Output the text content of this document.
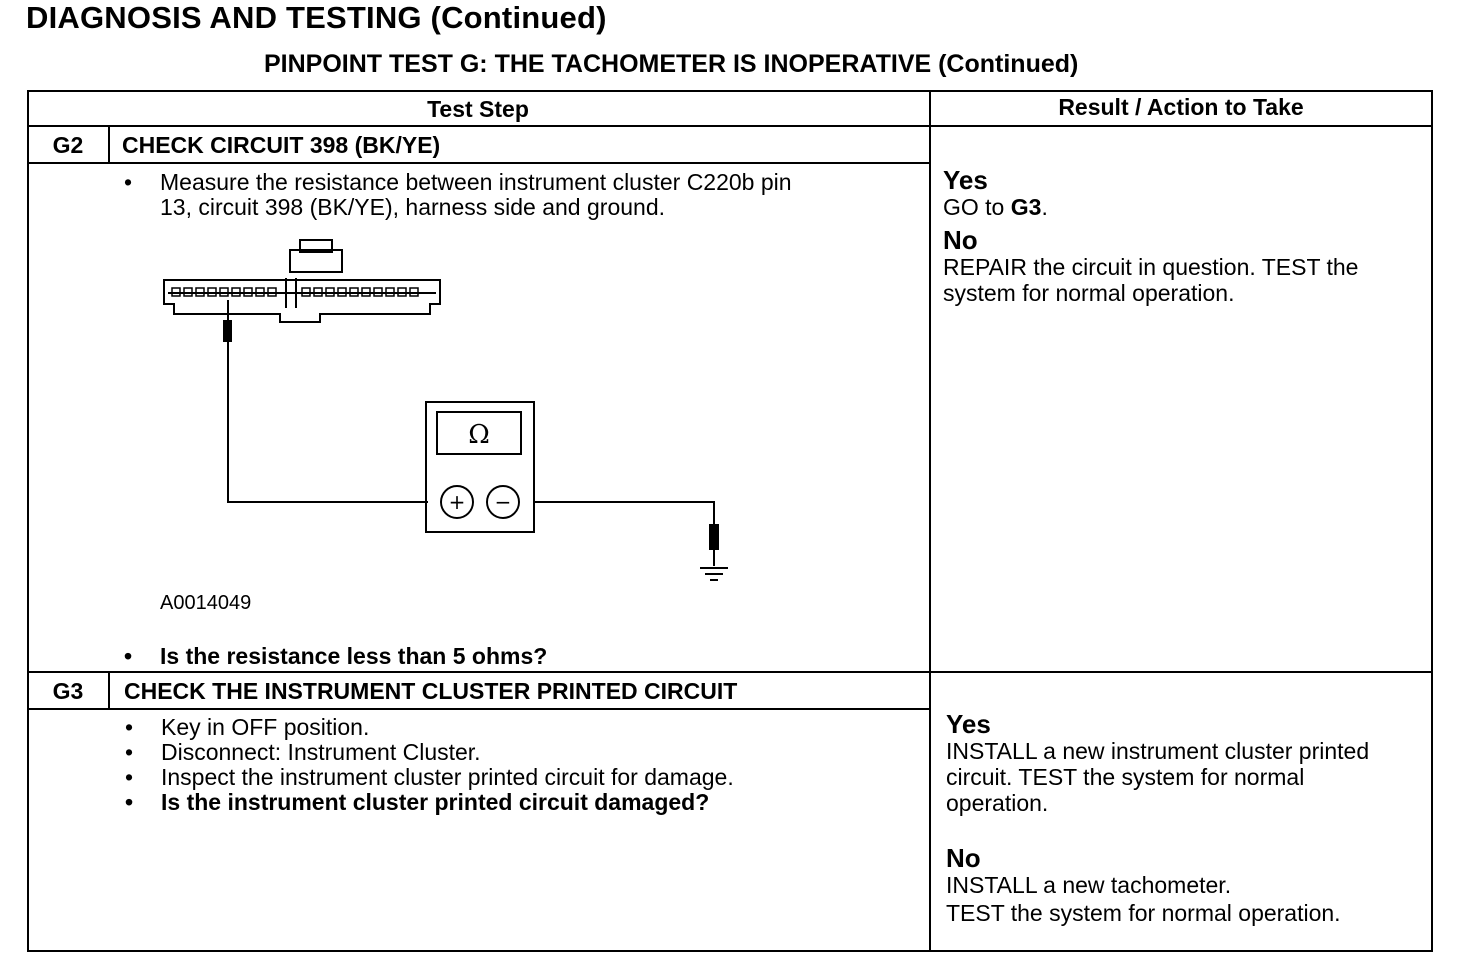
DIAGNOSIS AND TESTING (Continued)
PINPOINT TEST G: THE TACHOMETER IS INOPERATIVE (Continued)
Test Step	Result / Action to Take
G2	CHECK CIRCUIT 398 (BK/YE)
• Measure the resistance between instrument cluster C220b pin
13, circuit 398 (BK/YE), harness side and ground.
Ω
+ −
A0014049
• Is the resistance less than 5 ohms?
Yes
GO to G3.
No
REPAIR the circuit in question. TEST the
system for normal operation.
G3	CHECK THE INSTRUMENT CLUSTER PRINTED CIRCUIT
• Key in OFF position.
• Disconnect: Instrument Cluster.
• Inspect the instrument cluster printed circuit for damage.
• Is the instrument cluster printed circuit damaged?
Yes
INSTALL a new instrument cluster printed
circuit. TEST the system for normal
operation.
No
INSTALL a new tachometer.
TEST the system for normal operation.
